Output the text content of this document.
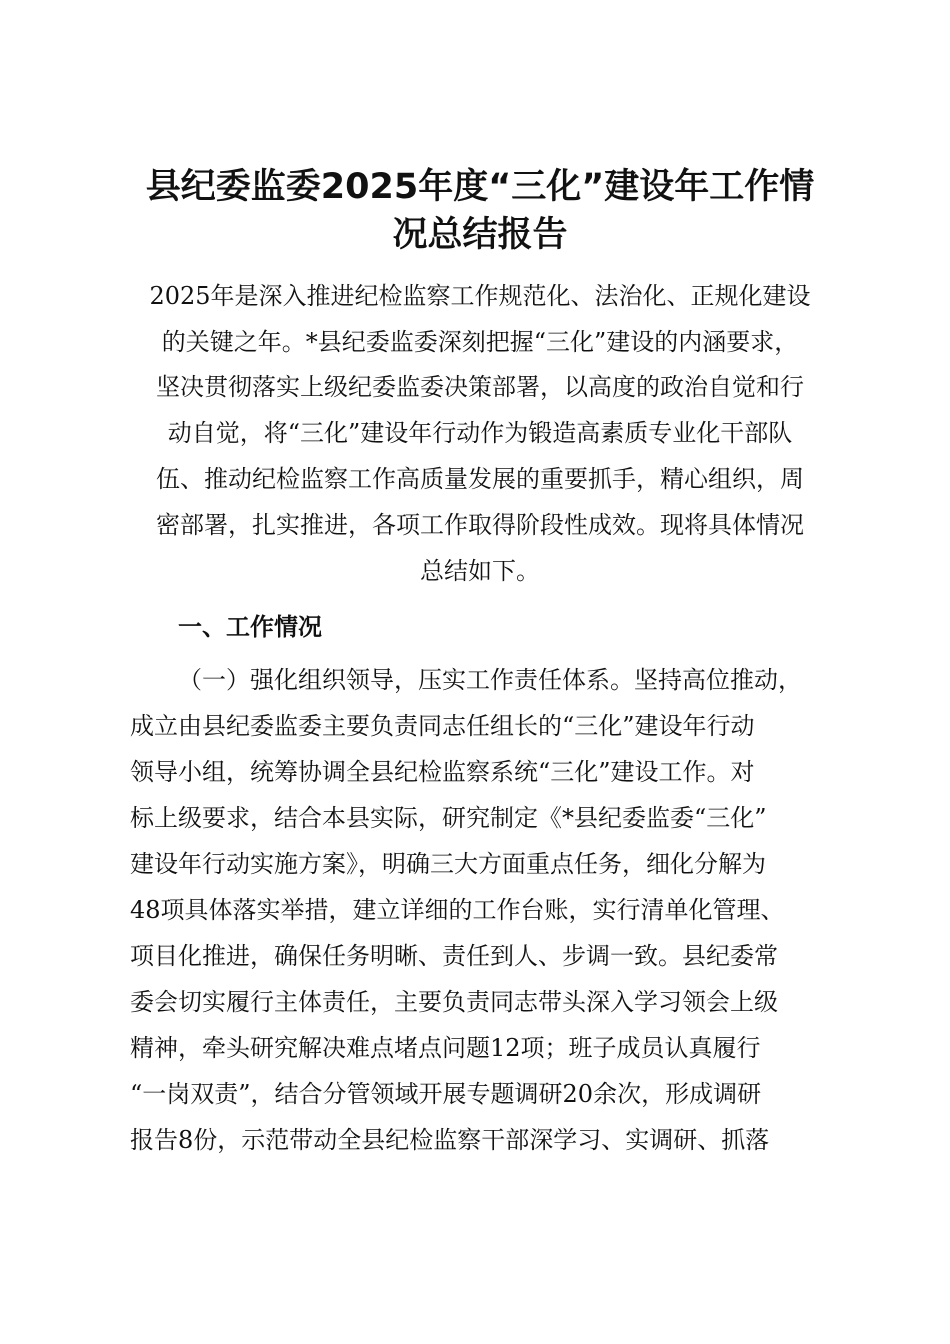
县纪委监委2025年度“三化”建设年工作情
况总结报告
2025年是深入推进纪检监察工作规范化、法治化、正规化建设
的关键之年。*县纪委监委深刻把握“三化”建设的内涵要求，
坚决贯彻落实上级纪委监委决策部署，以高度的政治自觉和行
动自觉，将“三化”建设年行动作为锻造高素质专业化干部队
伍、推动纪检监察工作高质量发展的重要抓手，精心组织，周
密部署，扎实推进，各项工作取得阶段性成效。现将具体情况
总结如下。
一、工作情况
（一）强化组织领导，压实工作责任体系。坚持高位推动，
成立由县纪委监委主要负责同志任组长的“三化”建设年行动
领导小组，统筹协调全县纪检监察系统“三化”建设工作。对
标上级要求，结合本县实际，研究制定《*县纪委监委“三化”
建设年行动实施方案》，明确三大方面重点任务，细化分解为
48项具体落实举措，建立详细的工作台账，实行清单化管理、
项目化推进，确保任务明晰、责任到人、步调一致。县纪委常
委会切实履行主体责任，主要负责同志带头深入学习领会上级
精神，牵头研究解决难点堵点问题12项；班子成员认真履行
“一岗双责”，结合分管领域开展专题调研20余次，形成调研
报告8份，示范带动全县纪检监察干部深学习、实调研、抓落
